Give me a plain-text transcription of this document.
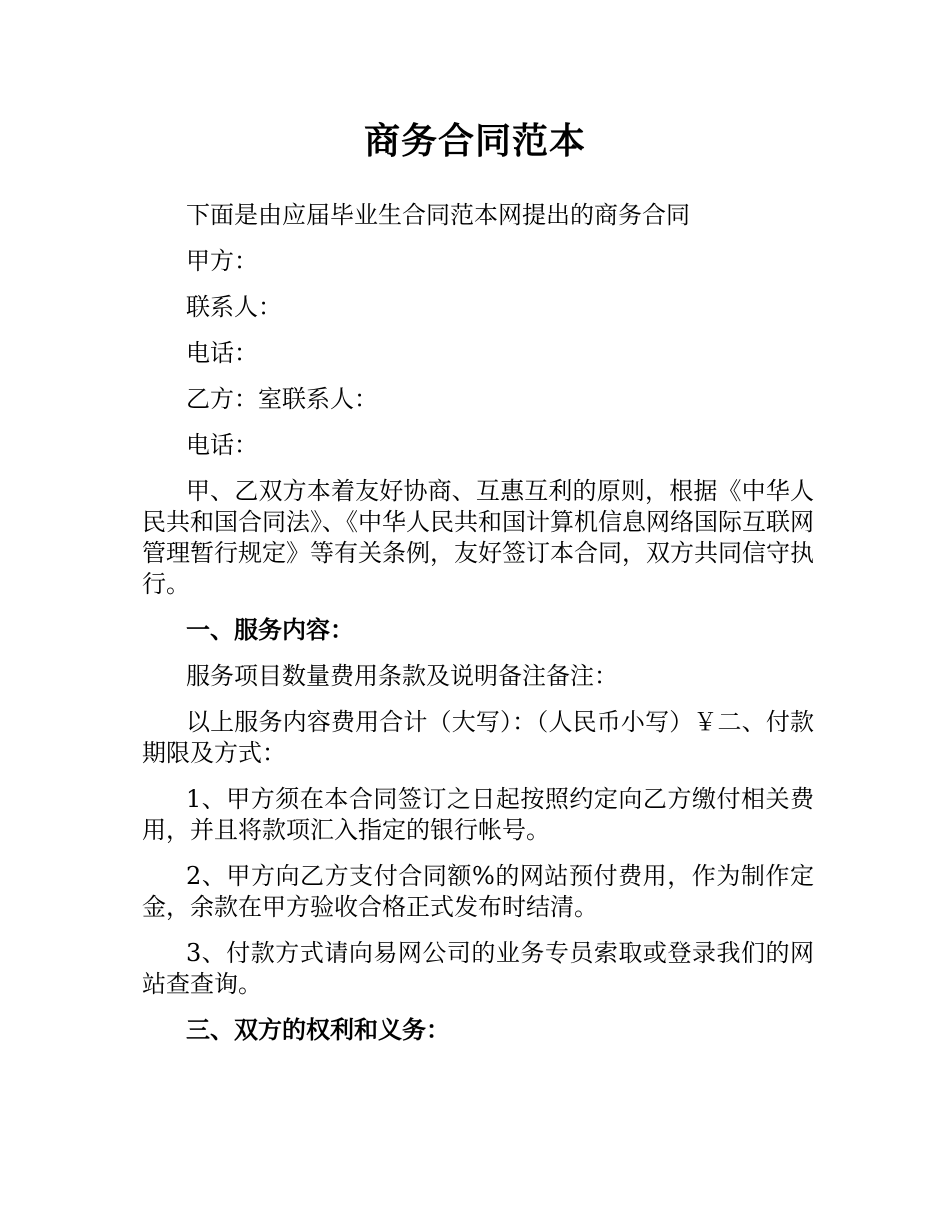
商务合同范本

下面是由应届毕业生合同范本网提出的商务合同

甲方：

联系人：

电话：

乙方：室联系人：

电话：

甲、乙双方本着友好协商、互惠互利的原则，根据《中华人民共和国合同法》、《中华人民共和国计算机信息网络国际互联网管理暂行规定》等有关条例，友好签订本合同，双方共同信守执行。

一、服务内容：

服务项目数量费用条款及说明备注备注：

以上服务内容费用合计（大写）：（人民币小写）￥二、付款期限及方式：

1、甲方须在本合同签订之日起按照约定向乙方缴付相关费用，并且将款项汇入指定的银行帐号。

2、甲方向乙方支付合同额%的网站预付费用，作为制作定金，余款在甲方验收合格正式发布时结清。

3、付款方式请向易网公司的业务专员索取或登录我们的网站查查询。

三、双方的权利和义务：
